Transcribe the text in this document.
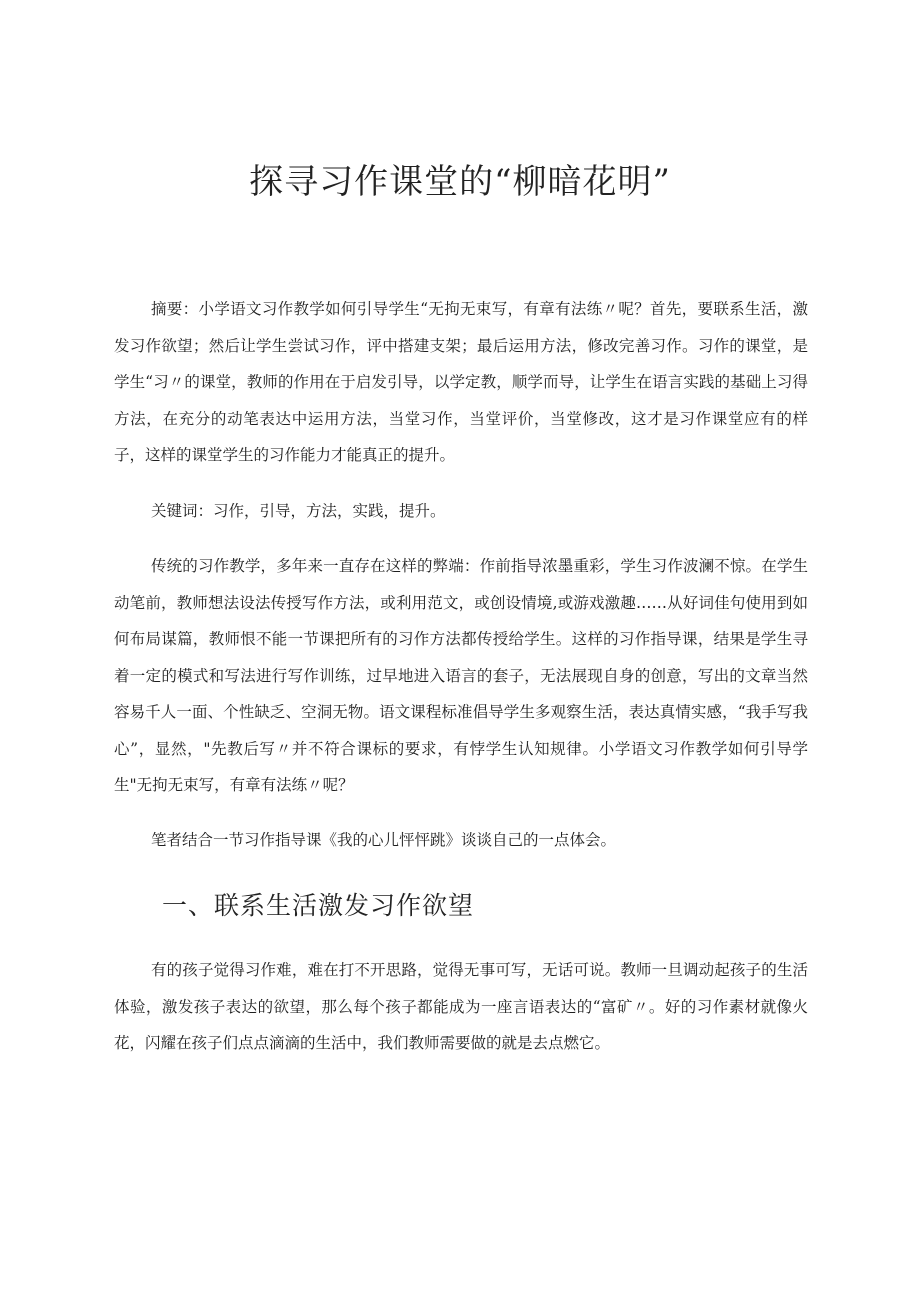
探寻习作课堂的“柳暗花明”

摘要：小学语文习作教学如何引导学生“无拘无束写，有章有法练〃呢？首先，要联系生活，激发习作欲望；然后让学生尝试习作，评中搭建支架；最后运用方法，修改完善习作。习作的课堂，是学生“习〃的课堂，教师的作用在于启发引导，以学定教，顺学而导，让学生在语言实践的基础上习得方法，在充分的动笔表达中运用方法，当堂习作，当堂评价，当堂修改，这才是习作课堂应有的样子，这样的课堂学生的习作能力才能真正的提升。

关键词：习作，引导，方法，实践，提升。

传统的习作教学，多年来一直存在这样的弊端：作前指导浓墨重彩，学生习作波澜不惊。在学生动笔前，教师想法设法传授写作方法，或利用范文，或创设情境,或游戏激趣……从好词佳句使用到如何布局谋篇，教师恨不能一节课把所有的习作方法都传授给学生。这样的习作指导课，结果是学生寻着一定的模式和写法进行写作训练，过早地进入语言的套子，无法展现自身的创意，写出的文章当然容易千人一面、个性缺乏、空洞无物。语文课程标准倡导学生多观察生活，表达真情实感，“我手写我心”，显然，"先教后写〃并不符合课标的要求，有悖学生认知规律。小学语文习作教学如何引导学生"无拘无束写，有章有法练〃呢？

笔者结合一节习作指导课《我的心儿怦怦跳》谈谈自己的一点体会。

一、联系生活激发习作欲望

有的孩子觉得习作难，难在打不开思路，觉得无事可写，无话可说。教师一旦调动起孩子的生活体验，激发孩子表达的欲望，那么每个孩子都能成为一座言语表达的“富矿〃。好的习作素材就像火花，闪耀在孩子们点点滴滴的生活中，我们教师需要做的就是去点燃它。
